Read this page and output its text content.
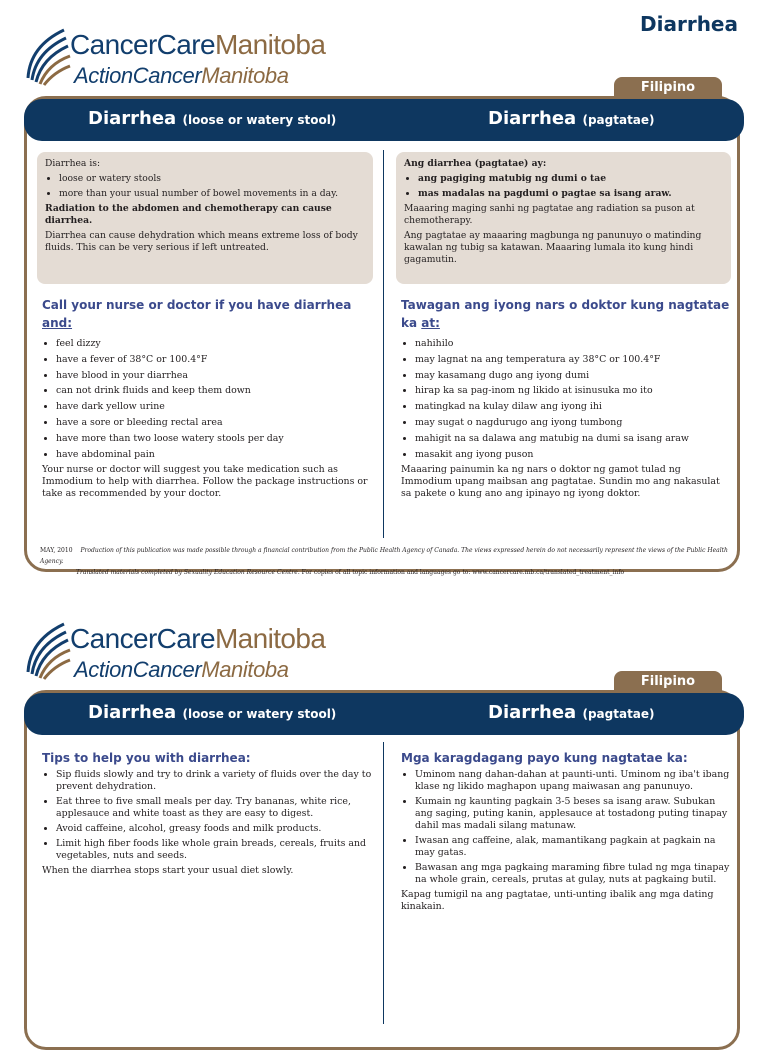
Diarrhea
CancerCareManitoba
ActionCancerManitoba	Filipino
Diarrhea (loose or watery stool)	Diarrhea (pagtatae)

Diarrhea is:

• loose or watery stools
• more than your usual number of bowel movements in a day.

Radiation to the abdomen and chemotherapy can cause diarrhea.

Diarrhea can cause dehydration which means extreme loss of body fluids. This can be very serious if left untreated.

Ang diarrhea (pagtatae) ay:

• ang pagiging matubig ng dumi o tae
• mas madalas na pagdumi o pagtae sa isang araw.

Maaaring maging sanhi ng pagtatae ang radiation sa puson at chemotherapy.

Ang pagtatae ay maaaring magbunga ng panunuyo o matinding kawalan ng tubig sa katawan. Maaaring lumala ito kung hindi gagamutin.

Call your nurse or doctor if you have diarrhea and:
• feel dizzy
• have a fever of 38°C or 100.4°F
• have blood in your diarrhea
• can not drink fluids and keep them down
• have dark yellow urine
• have a sore or bleeding rectal area
• have more than two loose watery stools per day
• have abdominal pain

Your nurse or doctor will suggest you take medication such as Immodium to help with diarrhea. Follow the package instructions or take as recommended by your doctor.

Tawagan ang iyong nars o doktor kung nagtatae ka at:
• nahihilo
• may lagnat na ang temperatura ay 38°C or 100.4°F
• may kasamang dugo ang iyong dumi
• hirap ka sa pag-inom ng likido at isinusuka mo ito
• matingkad na kulay dilaw ang iyong ihi
• may sugat o nagdurugo ang iyong tumbong
• mahigit na sa dalawa ang matubig na dumi sa isang araw
• masakit ang iyong puson

Maaaring painumin ka ng nars o doktor ng gamot tulad ng Immodium upang maibsan ang pagtatae. Sundin mo ang nakasulat sa pakete o kung ano ang ipinayo ng iyong doktor.

MAY, 2010 Production of this publication was made possible through a financial contribution from the Public Health Agency of Canada. The views expressed herein do not necessarily represent the views of the Public Health Agency.
Translated materials completed by Sexuality Education Resource Centre. For copies of all topic information and languages go to: www.cancercare.mb.ca/translated_treatment_info
CancerCareManitoba
ActionCancerManitoba	Filipino
Diarrhea (loose or watery stool)	Diarrhea (pagtatae)
Tips to help you with diarrhea:
• Sip fluids slowly and try to drink a variety of fluids over the day to prevent dehydration.
• Eat three to five small meals per day. Try bananas, white rice, applesauce and white toast as they are easy to digest.
• Avoid caffeine, alcohol, greasy foods and milk products.
• Limit high fiber foods like whole grain breads, cereals, fruits and vegetables, nuts and seeds.

When the diarrhea stops start your usual diet slowly.

Mga karagdagang payo kung nagtatae ka:
• Uminom nang dahan-dahan at paunti-unti. Uminom ng iba't ibang klase ng likido maghapon upang maiwasan ang panunuyo.
• Kumain ng kaunting pagkain 3-5 beses sa isang araw. Subukan ang saging, puting kanin, applesauce at tostadong puting tinapay dahil mas madali silang matunaw.
• Iwasan ang caffeine, alak, mamantikang pagkain at pagkain na may gatas.
• Bawasan ang mga pagkaing maraming fibre tulad ng mga tinapay na whole grain, cereals, prutas at gulay, nuts at pagkaing butil.

Kapag tumigil na ang pagtatae, unti-unting ibalik ang mga dating kinakain.
